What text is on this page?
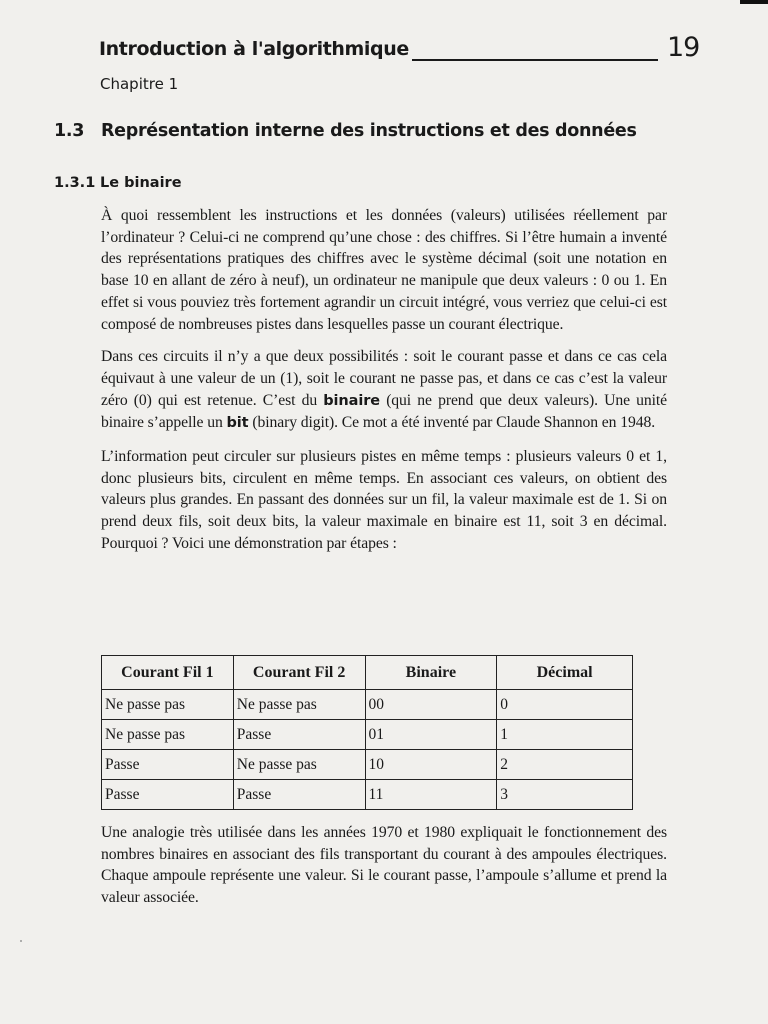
Introduction à l'algorithmique	19
Chapitre 1
1.3 Représentation interne des instructions et des données
1.3.1 Le binaire

À quoi ressemblent les instructions et les données (valeurs) utilisées réellement par l’ordinateur ? Celui-ci ne comprend qu’une chose : des chiffres. Si l’être humain a inventé des représentations pratiques des chiffres avec le système décimal (soit une notation en base 10 en allant de zéro à neuf), un ordinateur ne manipule que deux valeurs : 0 ou 1. En effet si vous pouviez très fortement agrandir un circuit intégré, vous verriez que celui-ci est composé de nombreuses pistes dans lesquelles passe un courant électrique.

Dans ces circuits il n’y a que deux possibilités : soit le courant passe et dans ce cas cela équivaut à une valeur de un (1), soit le courant ne passe pas, et dans ce cas c’est la valeur zéro (0) qui est retenue. C’est du binaire (qui ne prend que deux valeurs). Une unité binaire s’appelle un bit (binary digit). Ce mot a été inventé par Claude Shannon en 1948.

L’information peut circuler sur plusieurs pistes en même temps : plusieurs valeurs 0 et 1, donc plusieurs bits, circulent en même temps. En associant ces valeurs, on obtient des valeurs plus grandes. En passant des données sur un fil, la valeur maximale est de 1. Si on prend deux fils, soit deux bits, la valeur maximale en binaire est 11, soit 3 en décimal. Pourquoi ? Voici une démonstration par étapes :

Courant Fil 1	Courant Fil 2	Binaire	Décimal
Ne passe pas	Ne passe pas	00	0
Ne passe pas	Passe	01	1
Passe	Ne passe pas	10	2
Passe	Passe	11	3

Une analogie très utilisée dans les années 1970 et 1980 expliquait le fonctionnement des nombres binaires en associant des fils transportant du courant à des ampoules électriques. Chaque ampoule représente une valeur. Si le courant passe, l’ampoule s’allume et prend la valeur associée.
